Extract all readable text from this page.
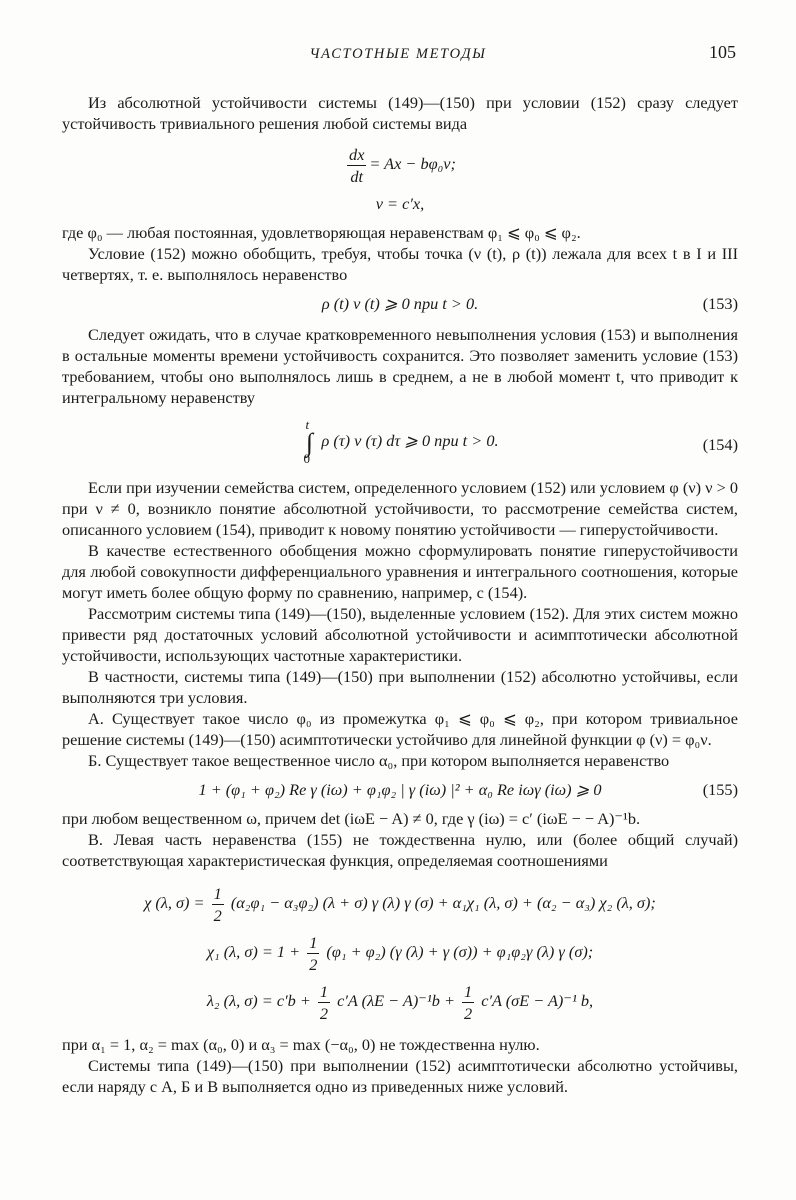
ЧАСТОТНЫЕ МЕТОДЫ	105

Из абсолютной устойчивости системы (149)—(150) при условии (152) сразу следует устойчивость тривиального решения любой системы вида

$\frac{dx}{dt} = Ax - b\varphi_0\nu$;
ν = c′x,

где φ₀ — любая постоянная, удовлетворяющая неравенствам φ₁ ⩽ φ₀ ⩽ φ₂.

Условие (152) можно обобщить, требуя, чтобы точка (ν (t), ρ (t)) лежала для всех t в I и III четвертях, т. е. выполнялось неравенство

ρ (t) ν (t) ⩾ 0 при t > 0.	(153)

Следует ожидать, что в случае кратковременного невыполнения условия (153) и выполнения в остальные моменты времени устойчивость сохранится. Это позволяет заменить условие (153) требованием, чтобы оно выполнялось лишь в среднем, а не в любой момент t, что приводит к интегральному неравенству

∫
t
0
ρ (τ) ν (τ) dτ ⩾ 0 при t > 0.	(154)

Если при изучении семейства систем, определенного условием (152) или условием φ (ν) ν > 0 при ν ≠ 0, возникло понятие абсолютной устойчивости, то рассмотрение семейства систем, описанного условием (154), приводит к новому понятию устойчивости — гиперустойчивости.

В качестве естественного обобщения можно сформулировать понятие гиперустойчивости для любой совокупности дифференциального уравнения и интегрального соотношения, которые могут иметь более общую форму по сравнению, например, с (154).

Рассмотрим системы типа (149)—(150), выделенные условием (152). Для этих систем можно привести ряд достаточных условий абсолютной устойчивости и асимптотически абсолютной устойчивости, использующих частотные характеристики.

В частности, системы типа (149)—(150) при выполнении (152) абсолютно устойчивы, если выполняются три условия.

А. Существует такое число φ₀ из промежутка φ₁ ⩽ φ₀ ⩽ φ₂, при котором тривиальное решение системы (149)—(150) асимптотически устойчиво для линейной функции φ (ν) = φ₀ν.

Б. Существует такое вещественное число α₀, при котором выполняется неравенство

1 + (φ₁ + φ₂) Re γ (iω) + φ₁φ₂ | γ (iω) |² + α₀ Re iωγ (iω) ⩾ 0	(155)

при любом вещественном ω, причем det (iωE − A) ≠ 0, где γ (iω) = c′ (iωE − − A)⁻¹b.

В. Левая часть неравенства (155) не тождественна нулю, или (более общий случай) соответствующая характеристическая функция, определяемая соотношениями

χ (λ, $\sigma) = \frac{1}{2} (\alpha_2\varphi_1 - \alpha_3\varphi_2) (\lambda + \sigma)$ γ (λ) γ (σ) + α₁χ₁ (λ, σ) + (α₂ − α₃) χ₂ (λ, σ);
χ₁ (λ, $\sigma) = 1 + \frac{1}{2} (\varphi_1 + \varphi_2)$ (γ (λ) + γ (σ)) + φ₁φ₂γ (λ) γ (σ);
λ₂ (λ, $\sigma) = c'b + \frac{1}{2} c'A$ $(\lambda E - A)^{-1}b + \frac{1}{2} c'A$ (σE − A)⁻¹ b,

при α₁ = 1, α₂ = max (α₀, 0) и α₃ = max (−α₀, 0) не тождественна нулю.

Системы типа (149)—(150) при выполнении (152) асимптотически абсолютно устойчивы, если наряду с А, Б и В выполняется одно из приведенных ниже условий.
